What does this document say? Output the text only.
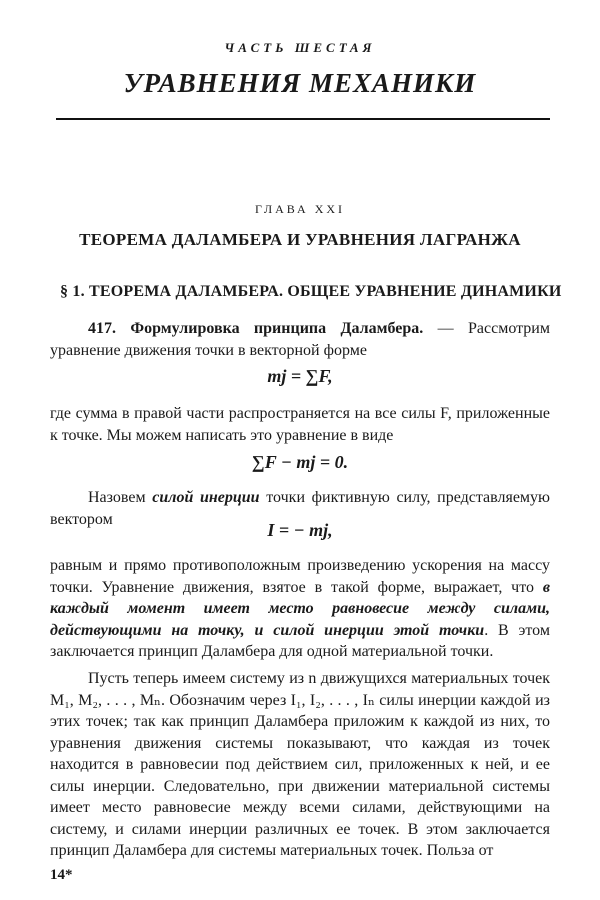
ЧАСТЬ ШЕСТАЯ
УРАВНЕНИЯ МЕХАНИКИ
ГЛАВА XXI
ТЕОРЕМА ДАЛАМБЕРА И УРАВНЕНИЯ ЛАГРАНЖА
§ 1. ТЕОРЕМА ДАЛАМБЕРА. ОБЩЕЕ УРАВНЕНИЕ ДИНАМИКИ

417. Формулировка принципа Даламбера. — Рассмотрим уравнение движения точки в векторной форме

mj = ∑F,

где сумма в правой части распространяется на все силы F, приложенные к точке. Мы можем написать это уравнение в виде

∑F − mj = 0.

Назовем силой инерции точки фиктивную силу, представляемую вектором

I = − mj,

равным и прямо противоположным произведению ускорения на массу точки. Уравнение движения, взятое в такой форме, выражает, что в каждый момент имеет место равновесие между силами, действующими на точку, и силой инерции этой точки. В этом заключается принцип Даламбера для одной материальной точки.

Пусть теперь имеем систему из n движущихся материальных точек M₁, M₂, . . . , Mₙ. Обозначим через I₁, I₂, . . . , Iₙ силы инерции каждой из этих точек; так как принцип Даламбера приложим к каждой из них, то уравнения движения системы показывают, что каждая из точек находится в равновесии под действием сил, приложенных к ней, и ее силы инерции. Следовательно, при движении материальной системы имеет место равновесие между всеми силами, действующими на систему, и силами инерции различных ее точек. В этом заключается принцип Даламбера для системы материальных точек. Польза от

14*
